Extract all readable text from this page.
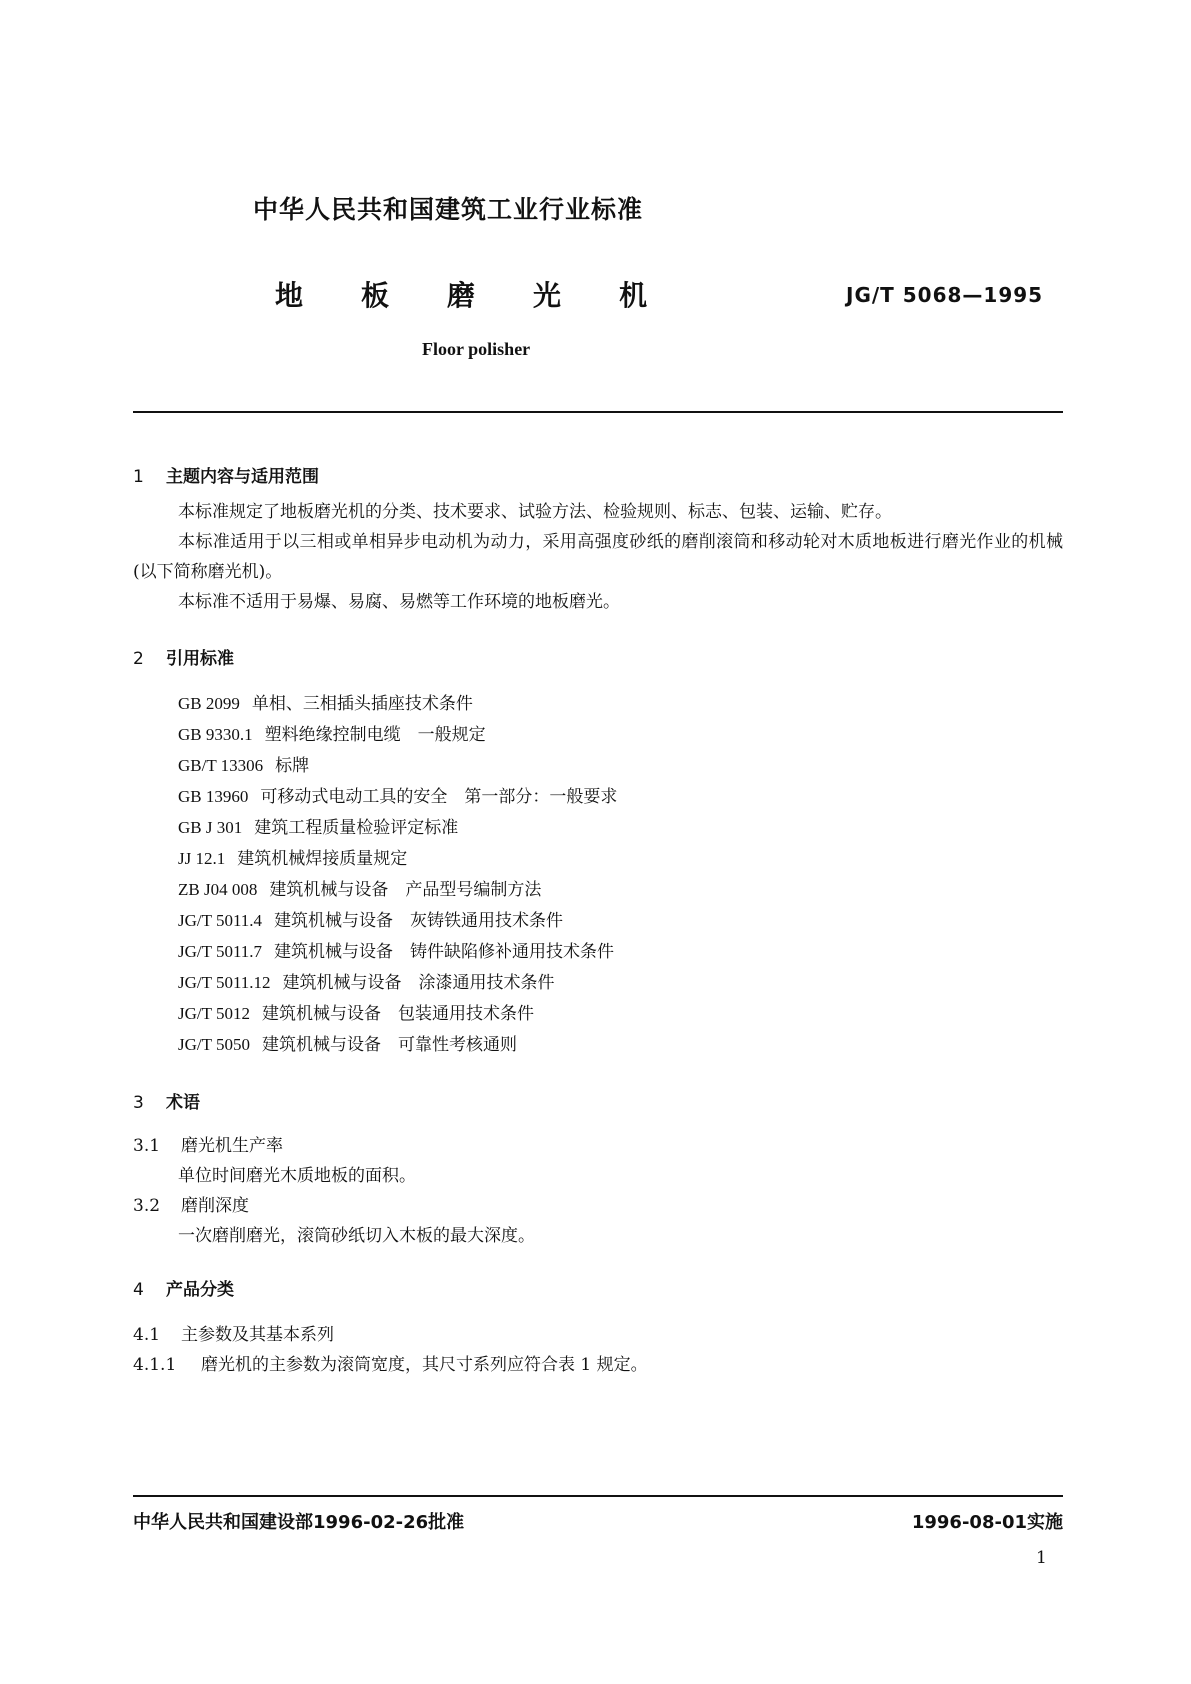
中华人民共和国建筑工业行业标准
地 板 磨 光 机	JG/T 5068—1995
Floor polisher
1 主题内容与适用范围
本标准规定了地板磨光机的分类、技术要求、试验方法、检验规则、标志、包装、运输、贮存。
本标准适用于以三相或单相异步电动机为动力，采用高强度砂纸的磨削滚筒和移动轮对木质地板进行磨光作业的机械(以下简称磨光机)。
本标准不适用于易爆、易腐、易燃等工作环境的地板磨光。
2 引用标准
GB 2099 单相、三相插头插座技术条件
GB 9330.1 塑料绝缘控制电缆　一般规定
GB/T 13306 标牌
GB 13960 可移动式电动工具的安全　第一部分：一般要求
GB J 301 建筑工程质量检验评定标准
JJ 12.1 建筑机械焊接质量规定
ZB J04 008 建筑机械与设备　产品型号编制方法
JG/T 5011.4 建筑机械与设备　灰铸铁通用技术条件
JG/T 5011.7 建筑机械与设备　铸件缺陷修补通用技术条件
JG/T 5011.12 建筑机械与设备　涂漆通用技术条件
JG/T 5012 建筑机械与设备　包装通用技术条件
JG/T 5050 建筑机械与设备　可靠性考核通则
3 术语
3.1 磨光机生产率
单位时间磨光木质地板的面积。
3.2 磨削深度
一次磨削磨光，滚筒砂纸切入木板的最大深度。
4 产品分类
4.1 主参数及其基本系列
4.1.1 磨光机的主参数为滚筒宽度，其尺寸系列应符合表 1 规定。
中华人民共和国建设部1996-02-26批准	1996-08-01实施
1
